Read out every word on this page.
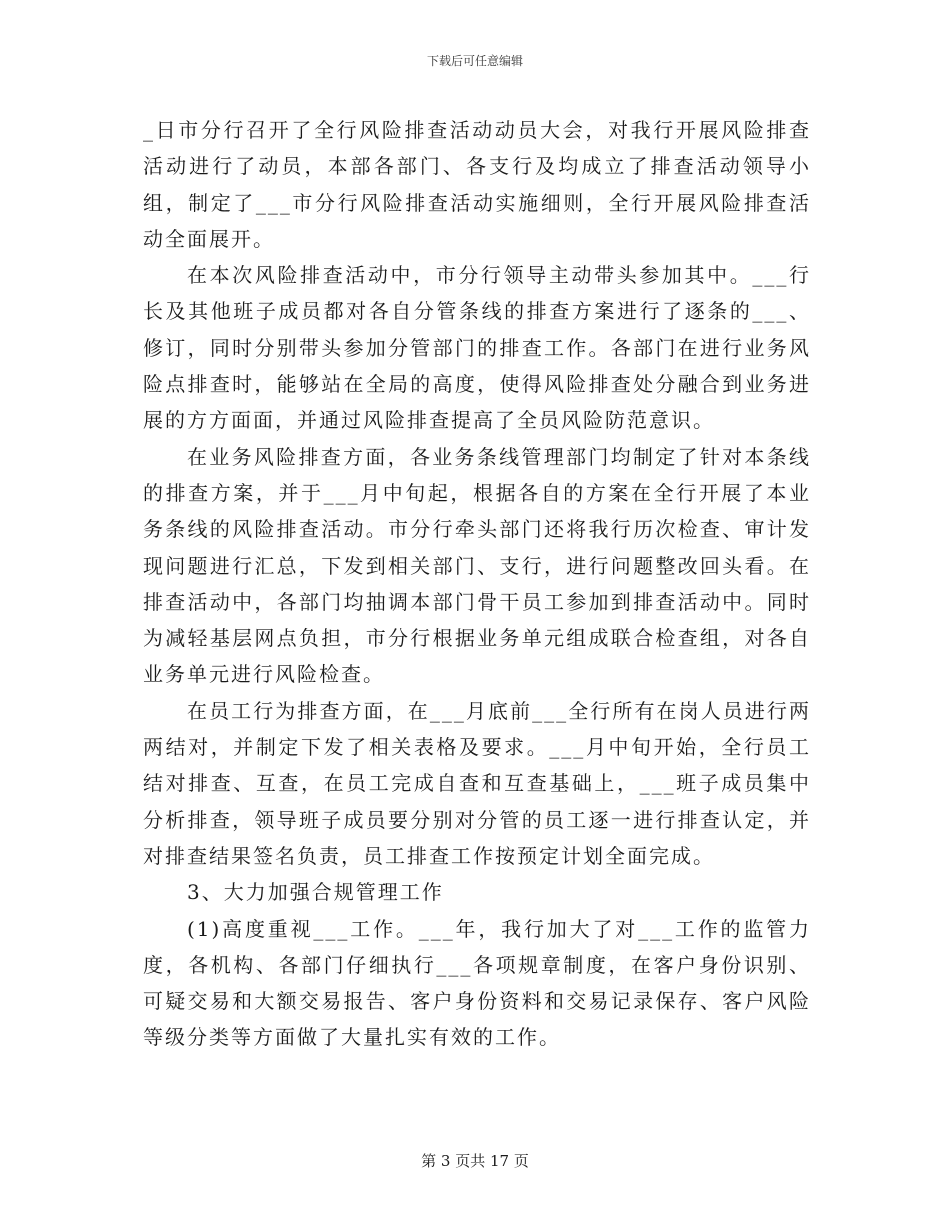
下载后可任意编辑

_日市分行召开了全行风险排查活动动员大会，对我行开展风险排查活动进行了动员，本部各部门、各支行及均成立了排查活动领导小组，制定了___市分行风险排查活动实施细则，全行开展风险排查活动全面展开。

在本次风险排查活动中，市分行领导主动带头参加其中。___行长及其他班子成员都对各自分管条线的排查方案进行了逐条的___、修订，同时分别带头参加分管部门的排查工作。各部门在进行业务风险点排查时，能够站在全局的高度，使得风险排查处分融合到业务进展的方方面面，并通过风险排查提高了全员风险防范意识。

在业务风险排查方面，各业务条线管理部门均制定了针对本条线的排查方案，并于___月中旬起，根据各自的方案在全行开展了本业务条线的风险排查活动。市分行牵头部门还将我行历次检查、审计发现问题进行汇总，下发到相关部门、支行，进行问题整改回头看。在排查活动中，各部门均抽调本部门骨干员工参加到排查活动中。同时为减轻基层网点负担，市分行根据业务单元组成联合检查组，对各自业务单元进行风险检查。

在员工行为排查方面，在___月底前___全行所有在岗人员进行两两结对，并制定下发了相关表格及要求。___月中旬开始，全行员工结对排查、互查，在员工完成自查和互查基础上，___班子成员集中分析排查，领导班子成员要分别对分管的员工逐一进行排查认定，并对排查结果签名负责，员工排查工作按预定计划全面完成。

3、大力加强合规管理工作

(1)高度重视___工作。___年，我行加大了对___工作的监管力度，各机构、各部门仔细执行___各项规章制度，在客户身份识别、可疑交易和大额交易报告、客户身份资料和交易记录保存、客户风险等级分类等方面做了大量扎实有效的工作。

第 3 页共 17 页
